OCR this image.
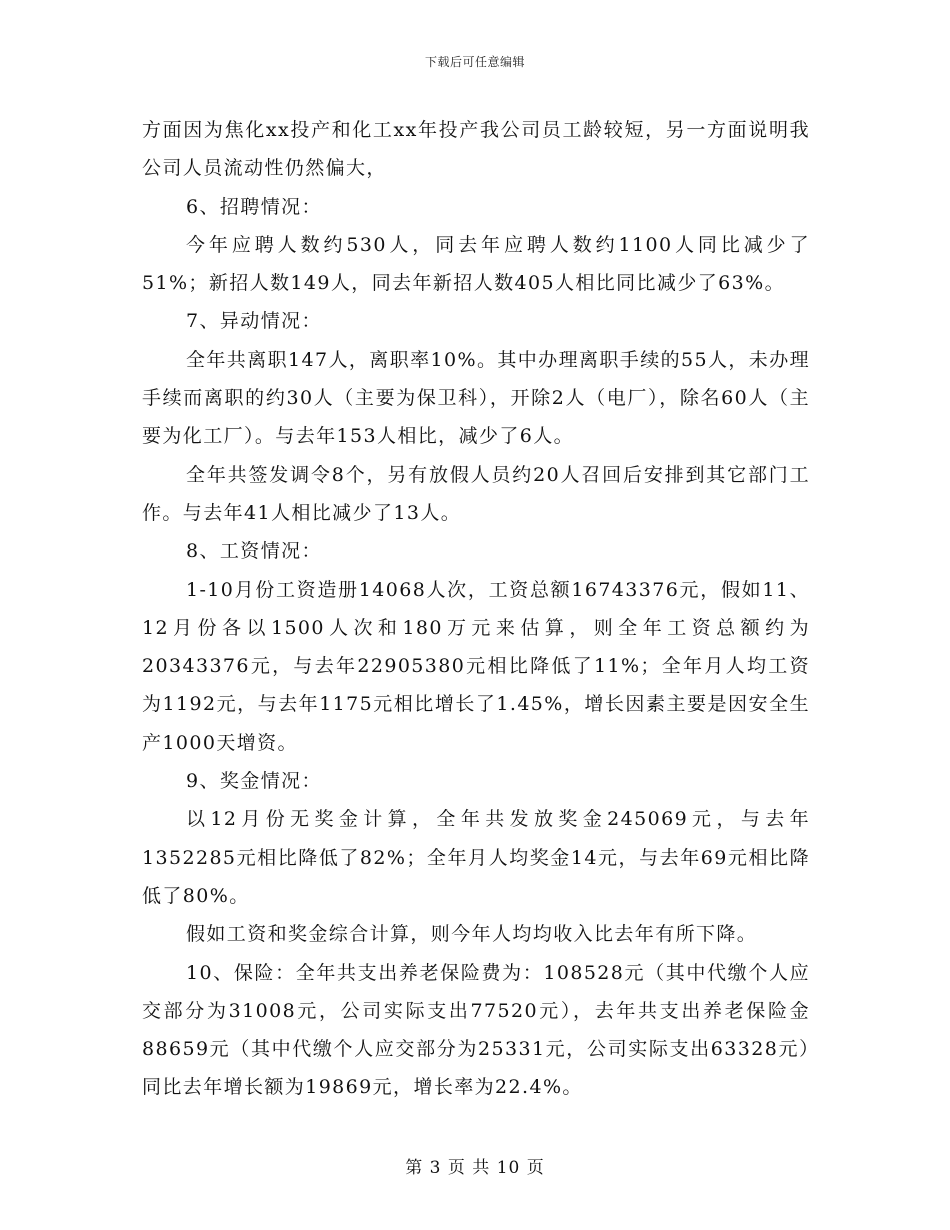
下载后可任意编辑

方面因为焦化xx投产和化工xx年投产我公司员工龄较短，另一方面说明我公司人员流动性仍然偏大，

6、招聘情况：

今年应聘人数约530人，同去年应聘人数约1100人同比减少了51%；新招人数149人，同去年新招人数405人相比同比减少了63%。

7、异动情况：

全年共离职147人，离职率10%。其中办理离职手续的55人，未办理手续而离职的约30人（主要为保卫科），开除2人（电厂），除名60人（主要为化工厂）。与去年153人相比，减少了6人。

全年共签发调令8个，另有放假人员约20人召回后安排到其它部门工作。与去年41人相比减少了13人。

8、工资情况：

1-10月份工资造册14068人次，工资总额16743376元，假如11、12月份各以1500人次和180万元来估算，则全年工资总额约为20343376元，与去年22905380元相比降低了11%；全年月人均工资为1192元，与去年1175元相比增长了1.45%，增长因素主要是因安全生产1000天增资。

9、奖金情况：

以12月份无奖金计算，全年共发放奖金245069元，与去年1352285元相比降低了82%；全年月人均奖金14元，与去年69元相比降低了80%。

假如工资和奖金综合计算，则今年人均均收入比去年有所下降。

10、保险：全年共支出养老保险费为：108528元（其中代缴个人应交部分为31008元，公司实际支出77520元），去年共支出养老保险金88659元（其中代缴个人应交部分为25331元，公司实际支出63328元）同比去年增长额为19869元，增长率为22.4%。

第 3 页 共 10 页
